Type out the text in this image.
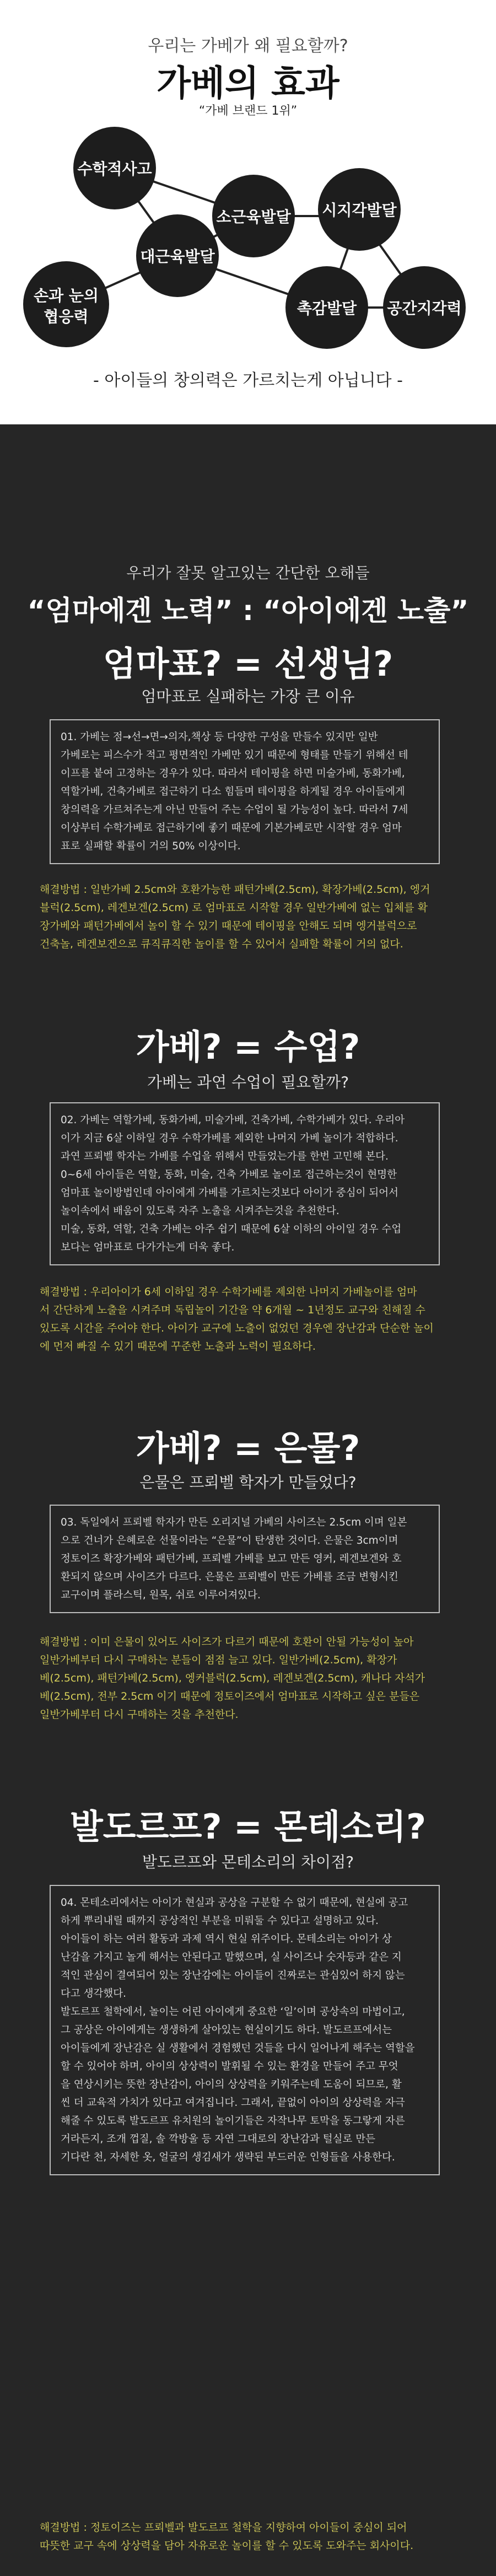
우리는 가베가 왜 필요할까?
가베의 효과
“가베 브랜드 1위”
수학적사고
소근육발달 시지각발달
대근육발달
손과 눈의
협응력	촉감발달 공간지각력
- 아이들의 창의력은 가르치는게 아닙니다 -
우리가 잘못 알고있는 간단한 오해들
“엄마에겐 노력” : “아이에겐 노출”
엄마표? = 선생님?
엄마표로 실패하는 가장 큰 이유
01. 가베는 점→선→면→의자,책상 등 다양한 구성을 만들수 있지만 일반
가베로는 피스수가 적고 평면적인 가베만 있기 때문에 형태를 만들기 위해선 테
이프를 붙여 고정하는 경우가 있다. 따라서 테이핑을 하면 미술가베, 동화가베,
역할가베, 건축가베로 접근하기 다소 힘들며 테이핑을 하게될 경우 아이들에게
창의력을 가르쳐주는게 아닌 만들어 주는 수업이 될 가능성이 높다. 따라서 7세
이상부터 수학가베로 접근하기에 좋기 때문에 기본가베로만 시작할 경우 엄마
표로 실패할 확률이 거의 50% 이상이다.
해결방법 : 일반가베 2.5cm와 호환가능한 패턴가베(2.5cm), 확장가베(2.5cm), 엥거
블럭(2.5cm), 레겐보겐(2.5cm) 로 엄마표로 시작할 경우 일반가베에 없는 입체를 확
장가베와 패턴가베에서 놀이 할 수 있기 때문에 테이핑을 안해도 되며 엥거블럭으로
건축놀, 레겐보겐으로 큐직큐직한 놀이를 할 수 있어서 실패할 확률이 거의 없다.
가베? = 수업?
가베는 과연 수업이 필요할까?
02. 가베는 역할가베, 동화가베, 미술가베, 건축가베, 수학가베가 있다. 우리아
이가 지금 6살 이하일 경우 수학가베를 제외한 나머지 가베 놀이가 적합하다.
과연 프뢰벨 학자는 가베를 수업을 위해서 만들었는가를 한번 고민해 본다.
0~6세 아이들은 역할, 동화, 미술, 건축 가베로 놀이로 접근하는것이 현명한
엄마표 놀이방법인데 아이에게 가베를 가르치는것보다 아이가 중심이 되어서
놀이속에서 배움이 있도록 자주 노출을 시켜주는것을 추천한다.
미술, 동화, 역할, 건축 가베는 아주 쉽기 때문에 6살 이하의 아이일 경우 수업
보다는 엄마표로 다가가는게 더욱 좋다.
해결방법 : 우리아이가 6세 이하일 경우 수학가베를 제외한 나머지 가베놀이를 엄마
서 간단하게 노출을 시켜주며 독립놀이 기간을 약 6개월 ~ 1년정도 교구와 친해질 수
있도록 시간을 주어야 한다. 아이가 교구에 노출이 없었던 경우엔 장난감과 단순한 놀이
에 먼저 빠질 수 있기 때문에 꾸준한 노출과 노력이 필요하다.
가베? = 은물?
은물은 프뢰벨 학자가 만들었다?
03. 독일에서 프뢰벨 학자가 만든 오리지널 가베의 사이즈는 2.5cm 이며 일본
으로 건너가 은혜로운 선물이라는 “은물”이 탄생한 것이다. 은물은 3cm이며
정토이즈 확장가베와 패턴가베, 프뢰벨 가베를 보고 만든 영커, 레겐보겐와 호
환되지 않으며 사이즈가 다르다. 은물은 프뢰벨이 만든 가베를 조금 변형시킨
교구이며 플라스틱, 원목, 쉬로 이루어져있다.
해결방법 : 이미 은물이 있어도 사이즈가 다르기 때문에 호환이 안될 가능성이 높아
일반가베부터 다시 구매하는 분들이 점점 늘고 있다. 일반가베(2.5cm), 확장가
베(2.5cm), 패턴가베(2.5cm), 엥커블럭(2.5cm), 레겐보겐(2.5cm), 캐나다 자석가
베(2.5cm), 전부 2.5cm 이기 때문에 정토이즈에서 엄마표로 시작하고 싶은 분들은
일반가베부터 다시 구매하는 것을 추천한다.
발도르프? = 몬테소리?
발도르프와 몬테소리의 차이점?
04. 몬테소리에서는 아이가 현실과 공상을 구분할 수 없기 때문에, 현실에 공고
하게 뿌리내릴 때까지 공상적인 부분을 미뤄둘 수 있다고 설명하고 있다.
아이들이 하는 여러 활동과 과제 역시 현실 위주이다. 몬테소리는 아이가 상
난감을 가지고 놀게 해서는 안된다고 말했으며, 실 사이즈나 숫자등과 같은 지
적인 관심이 결여되어 있는 장난감에는 아이들이 진짜로는 관심있어 하지 않는
다고 생각했다.
발도르프 철학에서, 놀이는 어린 아이에게 중요한 ‘일’이며 공상속의 마법이고,
그 공상은 아이에게는 생생하게 살아있는 현실이기도 하다. 발도르프에서는
아이들에게 장난감은 실 생활에서 경험했던 것들을 다시 일어나게 해주는 역할을
할 수 있어야 하며, 아이의 상상력이 발휘될 수 있는 환경을 만들어 주고 무엇
을 연상시키는 뜻한 장난감이, 아이의 상상력을 키워주는데 도움이 되므로, 활
씬 더 교육적 가치가 있다고 여겨집니다. 그래서, 끝없이 아이의 상상력을 자극
해줄 수 있도록 발도르프 유치원의 놀이기들은 자작나무 토막을 동그랗게 자른
거라든지, 조개 껍질, 솔 깍방울 등 자연 그대로의 장난감과 털실로 만든
기다란 천, 자세한 옷, 얼굴의 생김새가 생략된 부드러운 인형들을 사용한다.
해결방법 : 정토이즈는 프뢰벨과 발도르프 철학을 지향하여 아이들이 중심이 되어
따뜻한 교구 속에 상상력을 담아 자유로운 놀이를 할 수 있도록 도와주는 회사이다.
